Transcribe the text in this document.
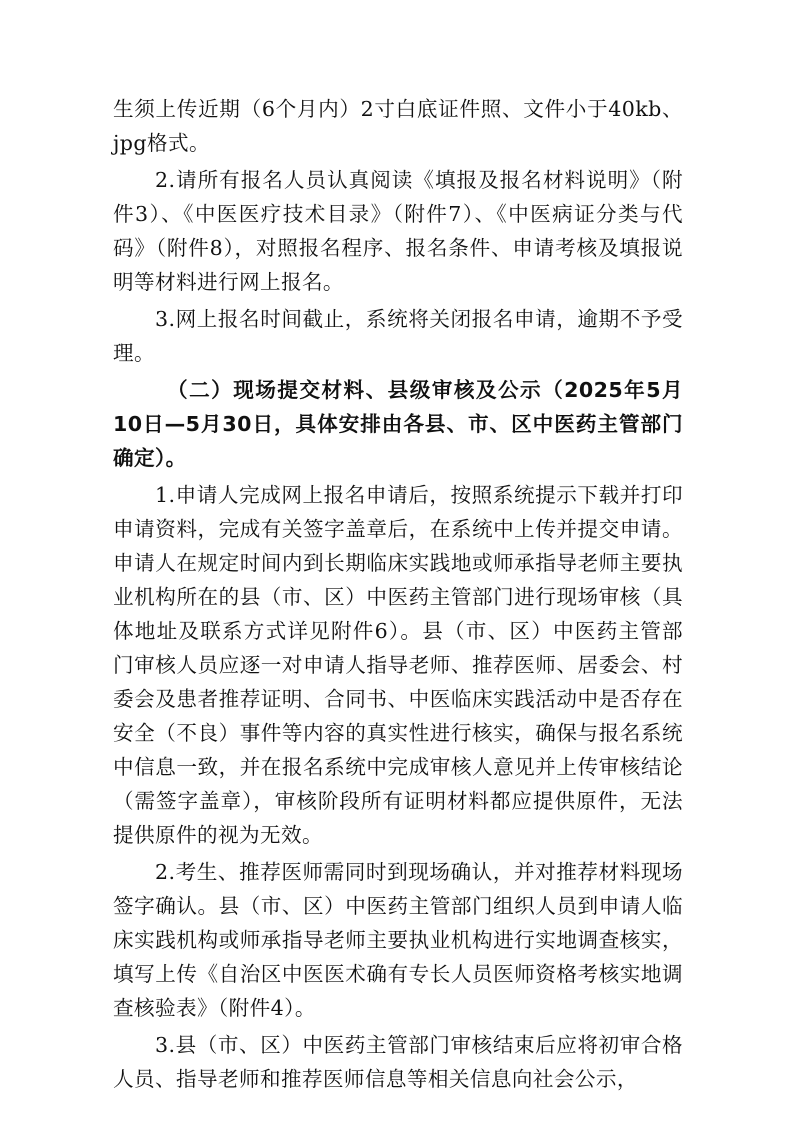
生须上传近期（6个月内）2寸白底证件照、文件小于40kb、jpg格式。

2.请所有报名人员认真阅读《填报及报名材料说明》（附件3）、《中医医疗技术目录》（附件7）、《中医病证分类与代码》（附件8），对照报名程序、报名条件、申请考核及填报说明等材料进行网上报名。

3.网上报名时间截止，系统将关闭报名申请，逾期不予受理。

（二）现场提交材料、县级审核及公示（2025年5月10日—5月30日，具体安排由各县、市、区中医药主管部门确定）。

1.申请人完成网上报名申请后，按照系统提示下载并打印申请资料，完成有关签字盖章后，在系统中上传并提交申请。申请人在规定时间内到长期临床实践地或师承指导老师主要执业机构所在的县（市、区）中医药主管部门进行现场审核（具体地址及联系方式详见附件6）。县（市、区）中医药主管部门审核人员应逐一对申请人指导老师、推荐医师、居委会、村委会及患者推荐证明、合同书、中医临床实践活动中是否存在安全（不良）事件等内容的真实性进行核实，确保与报名系统中信息一致，并在报名系统中完成审核人意见并上传审核结论（需签字盖章），审核阶段所有证明材料都应提供原件，无法提供原件的视为无效。

2.考生、推荐医师需同时到现场确认，并对推荐材料现场签字确认。县（市、区）中医药主管部门组织人员到申请人临床实践机构或师承指导老师主要执业机构进行实地调查核实，填写上传《自治区中医医术确有专长人员医师资格考核实地调查核验表》（附件4）。

3.县（市、区）中医药主管部门审核结束后应将初审合格人员、指导老师和推荐医师信息等相关信息向社会公示，
